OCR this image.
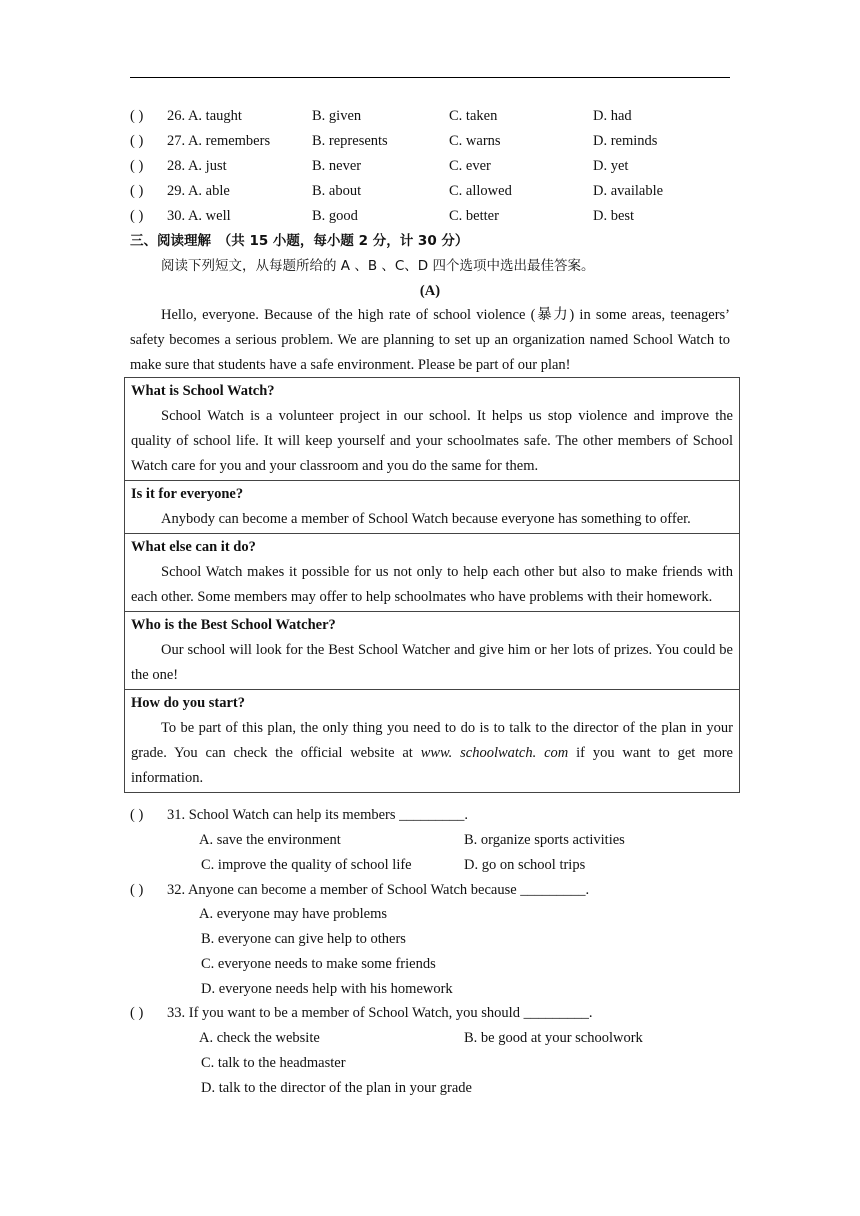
( ) 26. A. taught	B. given	C. taken	D. had
( ) 27. A. remembers	B. represents	C. warns	D. reminds
( ) 28. A. just	B. never	C. ever	D. yet
( ) 29. A. able	B. about	C. allowed	D. available
( ) 30. A. well	B. good	C. better	D. best
三、阅读理解　（共 15 小题，每小题 2 分，计 30 分）
阅读下列短文，从每题所给的 A 、B 、C、D 四个选项中选出最佳答案。
(A)
Hello, everyone. Because of the high rate of school violence (暴力) in some areas, teenagers’ safety becomes a serious problem. We are planning to set up an organization named School Watch to make sure that students have a safe environment. Please be part of our plan!
What is School Watch?

School Watch is a volunteer project in our school. It helps us stop violence and improve the quality of school life. It will keep yourself and your schoolmates safe. The other members of School Watch care for you and your classroom and you do the same for them.

Is it for everyone?

Anybody can become a member of School Watch because everyone has something to offer.

What else can it do?

School Watch makes it possible for us not only to help each other but also to make friends with each other. Some members may offer to help schoolmates who have problems with their homework.

Who is the Best School Watcher?

Our school will look for the Best School Watcher and give him or her lots of prizes. You could be the one!

How do you start?

To be part of this plan, the only thing you need to do is to talk to the director of the plan in your grade. You can check the official website at www. schoolwatch. com if you want to get more information.

( ) 31. School Watch can help its members _________.
A. save the environment	B. organize sports activities
C. improve the quality of school life	D. go on school trips
( ) 32. Anyone can become a member of School Watch because _________.
A. everyone may have problems
B. everyone can give help to others
C. everyone needs to make some friends
D. everyone needs help with his homework
( ) 33. If you want to be a member of School Watch, you should _________.
A. check the website	B. be good at your schoolwork
C. talk to the headmaster
D. talk to the director of the plan in your grade
